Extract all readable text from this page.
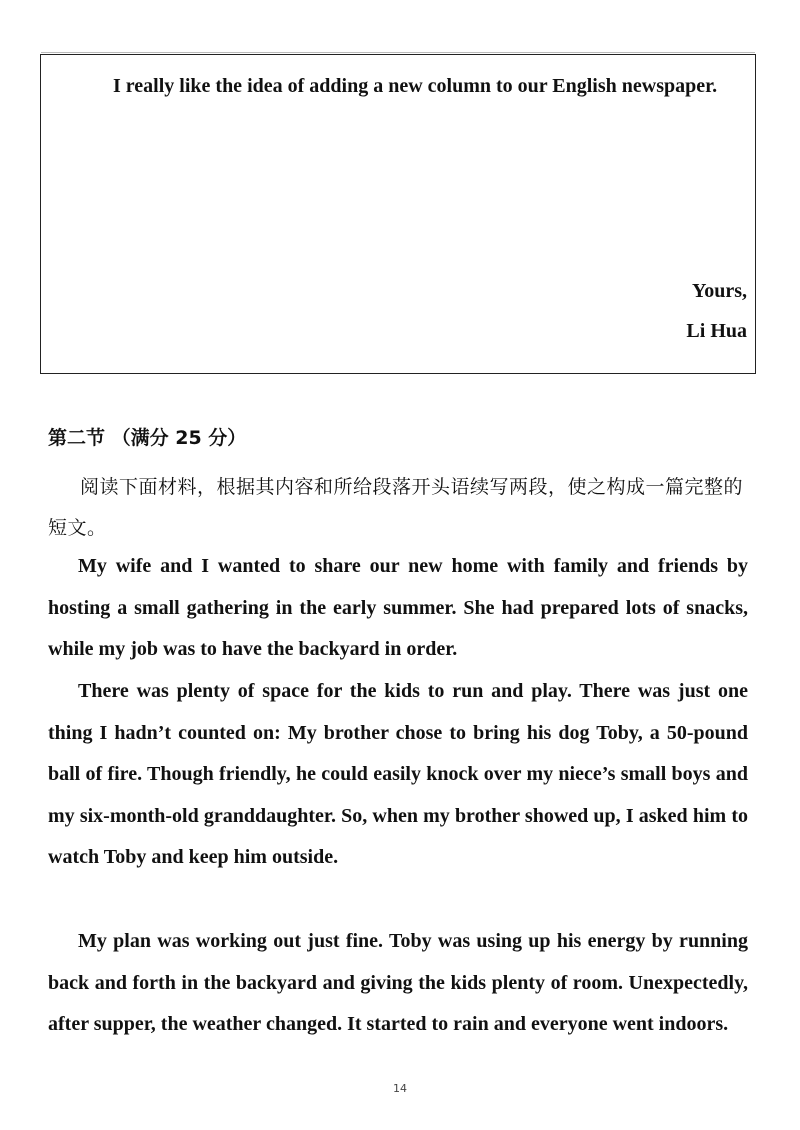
I really like the idea of adding a new column to our English newspaper.

Yours,
Li Hua
第二节 （满分 25 分）

阅读下面材料，根据其内容和所给段落开头语续写两段，使之构成一篇完整的短文。

My wife and I wanted to share our new home with family and friends by hosting a small gathering in the early summer. She had prepared lots of snacks, while my job was to have the backyard in order.

There was plenty of space for the kids to run and play. There was just one thing I hadn’t counted on: My brother chose to bring his dog Toby, a 50-pound ball of fire. Though friendly, he could easily knock over my niece’s small boys and my six-month-old granddaughter. So, when my brother showed up, I asked him to watch Toby and keep him outside.

My plan was working out just fine. Toby was using up his energy by running back and forth in the backyard and giving the kids plenty of room. Unexpectedly, after supper, the weather changed. It started to rain and everyone went indoors.

14
